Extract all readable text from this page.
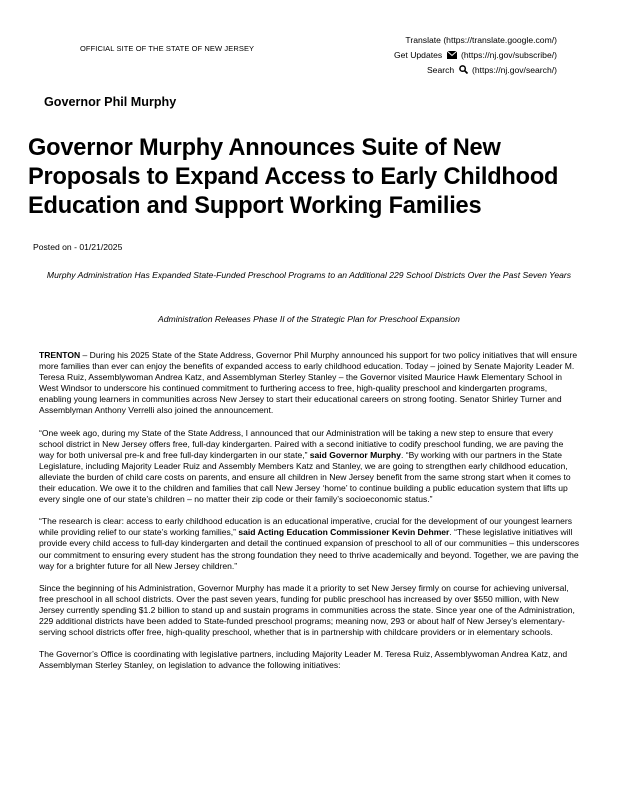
OFFICIAL SITE OF THE STATE OF NEW JERSEY
Translate (https://translate.google.com/)
Get Updates (https://nj.gov/subscribe/)
Search (https://nj.gov/search/)
Governor Phil Murphy
Governor Murphy Announces Suite of New Proposals to Expand Access to Early Childhood Education and Support Working Families
Posted on - 01/21/2025
Murphy Administration Has Expanded State-Funded Preschool Programs to an Additional 229 School Districts Over the Past Seven Years
Administration Releases Phase II of the Strategic Plan for Preschool Expansion

TRENTON – During his 2025 State of the State Address, Governor Phil Murphy announced his support for two policy initiatives that will ensure more families than ever can enjoy the benefits of expanded access to early childhood education. Today – joined by Senate Majority Leader M. Teresa Ruiz, Assemblywoman Andrea Katz, and Assemblyman Sterley Stanley – the Governor visited Maurice Hawk Elementary School in West Windsor to underscore his continued commitment to furthering access to free, high-quality preschool and kindergarten programs, enabling young learners in communities across New Jersey to start their educational careers on strong footing. Senator Shirley Turner and Assemblyman Anthony Verrelli also joined the announcement.

“One week ago, during my State of the State Address, I announced that our Administration will be taking a new step to ensure that every school district in New Jersey offers free, full-day kindergarten. Paired with a second initiative to codify preschool funding, we are paving the way for both universal pre-k and free full-day kindergarten in our state,” said Governor Murphy. “By working with our partners in the State Legislature, including Majority Leader Ruiz and Assembly Members Katz and Stanley, we are going to strengthen early childhood education, alleviate the burden of child care costs on parents, and ensure all children in New Jersey benefit from the same strong start when it comes to their education. We owe it to the children and families that call New Jersey ‘home’ to continue building a public education system that lifts up every single one of our state’s children – no matter their zip code or their family’s socioeconomic status.”

“The research is clear: access to early childhood education is an educational imperative, crucial for the development of our youngest learners while providing relief to our state’s working families,” said Acting Education Commissioner Kevin Dehmer. “These legislative initiatives will provide every child access to full-day kindergarten and detail the continued expansion of preschool to all of our communities – this underscores our commitment to ensuring every student has the strong foundation they need to thrive academically and beyond. Together, we are paving the way for a brighter future for all New Jersey children.”

Since the beginning of his Administration, Governor Murphy has made it a priority to set New Jersey firmly on course for achieving universal, free preschool in all school districts. Over the past seven years, funding for public preschool has increased by over $550 million, with New Jersey currently spending $1.2 billion to stand up and sustain programs in communities across the state. Since year one of the Administration, 229 additional districts have been added to State-funded preschool programs; meaning now, 293 or about half of New Jersey’s elementary-serving school districts offer free, high-quality preschool, whether that is in partnership with childcare providers or in elementary schools.

The Governor’s Office is coordinating with legislative partners, including Majority Leader M. Teresa Ruiz, Assemblywoman Andrea Katz, and Assemblyman Sterley Stanley, on legislation to advance the following initiatives:
